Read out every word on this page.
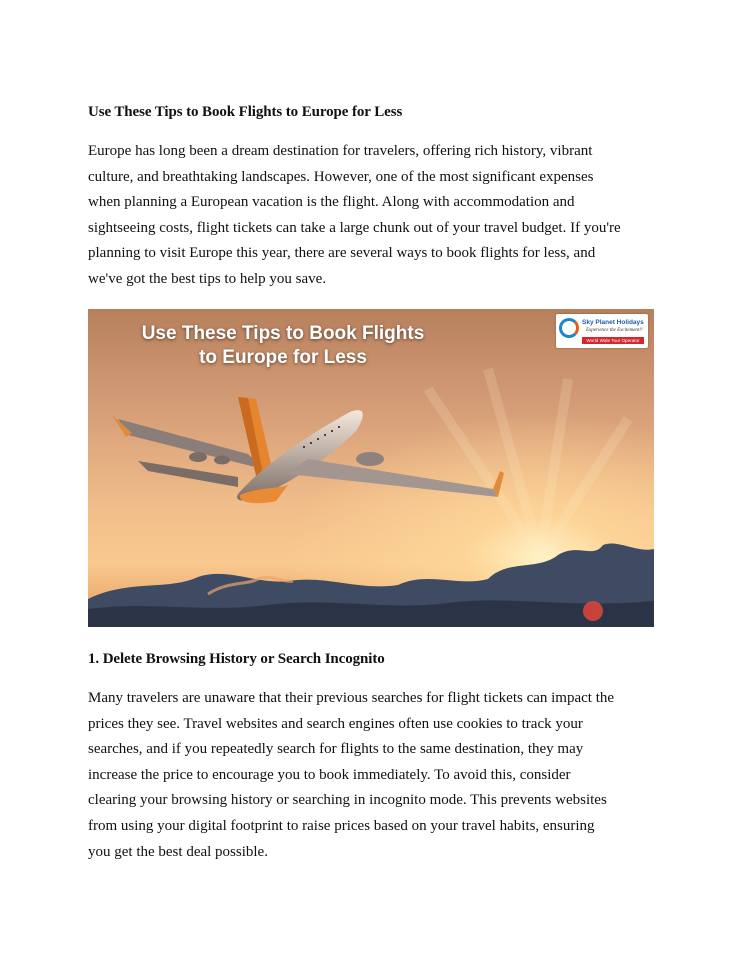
Use These Tips to Book Flights to Europe for Less

Europe has long been a dream destination for travelers, offering rich history, vibrant
culture, and breathtaking landscapes. However, one of the most significant expenses
when planning a European vacation is the flight. Along with accommodation and
sightseeing costs, flight tickets can take a large chunk out of your travel budget. If you're
planning to visit Europe this year, there are several ways to book flights for less, and
we've got the best tips to help you save.

Use These Tips to Book Flights
to Europe for Less
Sky Planet Holidays
Experience the Excitement!!
World Wide Tour Operator
1. Delete Browsing History or Search Incognito

Many travelers are unaware that their previous searches for flight tickets can impact the
prices they see. Travel websites and search engines often use cookies to track your
searches, and if you repeatedly search for flights to the same destination, they may
increase the price to encourage you to book immediately. To avoid this, consider
clearing your browsing history or searching in incognito mode. This prevents websites
from using your digital footprint to raise prices based on your travel habits, ensuring
you get the best deal possible.
